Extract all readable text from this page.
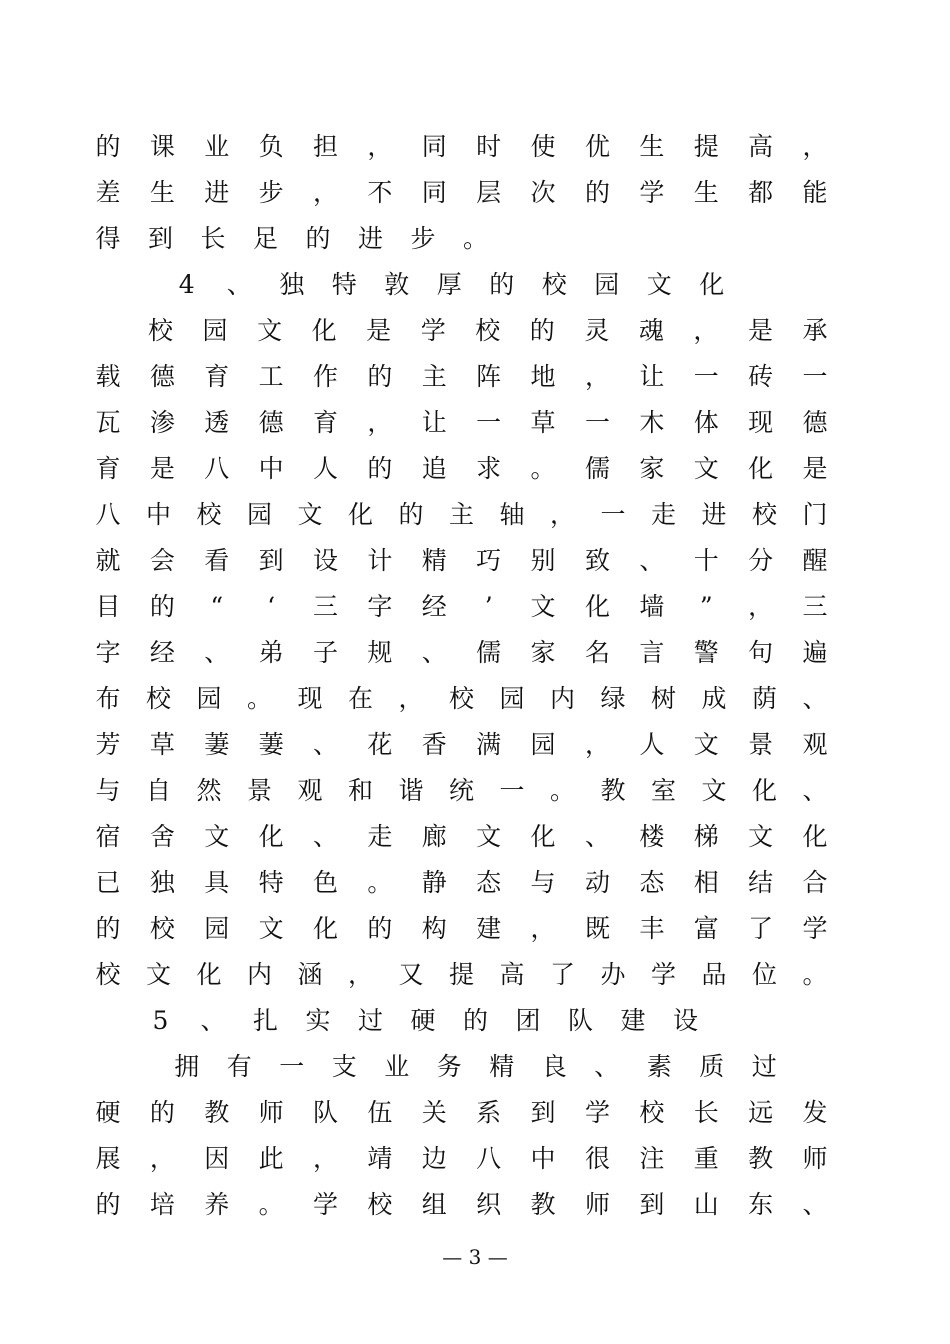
的 课 业 负 担 ， 同 时 使 优 生 提 高 ，
差 生 进 步 ， 不 同 层 次 的 学 生 都 能
得 到 长 足 的 进 步 。
4 、 独 特 敦 厚 的 校 园 文 化
校 园 文 化 是 学 校 的 灵 魂 ， 是 承
载 德 育 工 作 的 主 阵 地 ， 让 一 砖 一
瓦 渗 透 德 育 ， 让 一 草 一 木 体 现 德
育 是 八 中 人 的 追 求 。 儒 家 文 化 是
八 中 校 园 文 化 的 主 轴 ， 一 走 进 校 门
就 会 看 到 设 计 精 巧 别 致 、 十 分 醒
目 的	“	‘	三 字 经	’	文 化 墙	”	， 三
字 经 、 弟 子 规 、 儒 家 名 言 警 句 遍
布 校 园 。 现 在 ， 校 园 内 绿 树 成 荫 、
芳 草 萋 萋 、 花 香 满 园 ， 人 文 景 观
与 自 然 景 观 和 谐 统 一 。 教 室 文 化 、
宿 舍 文 化 、 走 廊 文 化 、 楼 梯 文 化
已 独 具 特 色 。 静 态 与 动 态 相 结 合
的 校 园 文 化 的 构 建 ， 既 丰 富 了 学
校 文 化 内 涵 ， 又 提 高 了 办 学 品 位 。
5 、 扎 实 过 硬 的 团 队 建 设
拥 有 一 支 业 务 精 良 、 素 质 过
硬 的 教 师 队 伍 关 系 到 学 校 长 远 发
展 ， 因 此 ， 靖 边 八 中 很 注 重 教 师
的 培 养 。 学 校 组 织 教 师 到 山 东 、
— 3 —
